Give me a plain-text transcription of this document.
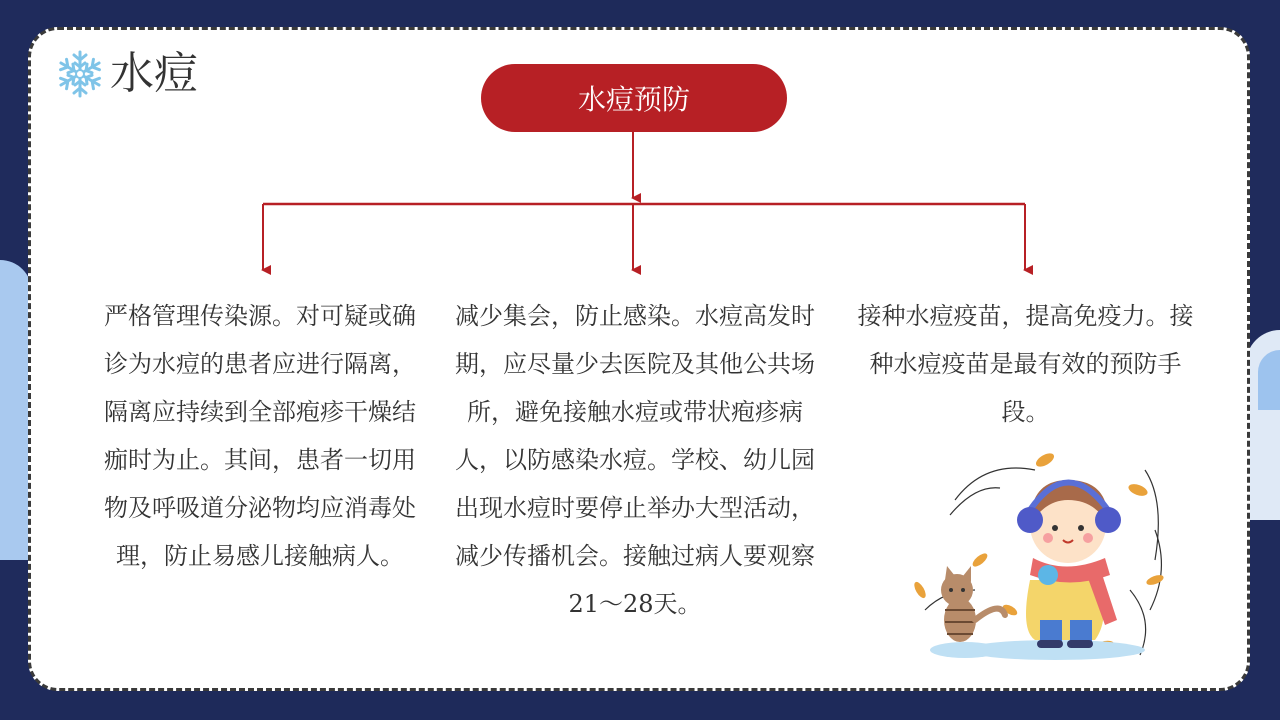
水痘
水痘预防
严格管理传染源。对可疑或确诊为水痘的患者应进行隔离，隔离应持续到全部疱疹干燥结痂时为止。其间，患者一切用物及呼吸道分泌物均应消毒处理，防止易感儿接触病人。
减少集会，防止感染。水痘高发时期，应尽量少去医院及其他公共场所，避免接触水痘或带状疱疹病人，以防感染水痘。学校、幼儿园出现水痘时要停止举办大型活动，减少传播机会。接触过病人要观察21～28天。
接种水痘疫苗，提高免疫力。接种水痘疫苗是最有效的预防手段。
